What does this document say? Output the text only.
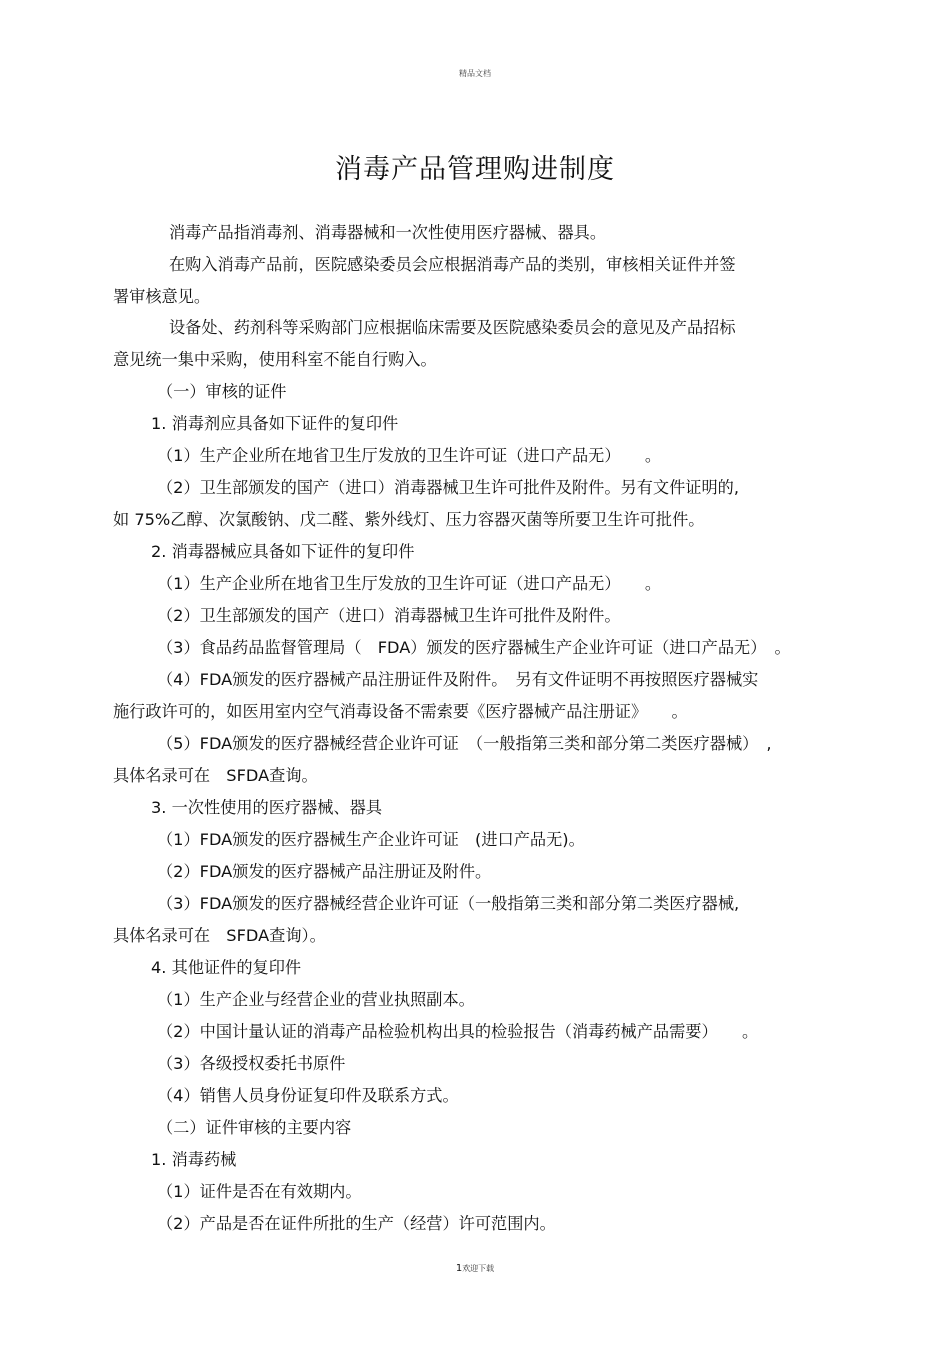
精品文档
消毒产品管理购进制度
消毒产品指消毒剂、消毒器械和一次性使用医疗器械、器具。
在购入消毒产品前，医院感染委员会应根据消毒产品的类别，审核相关证件并签
署审核意见。
设备处、药剂科等采购部门应根据临床需要及医院感染委员会的意见及产品招标
意见统一集中采购，使用科室不能自行购入。
（一）审核的证件
1. 消毒剂应具备如下证件的复印件
（1）生产企业所在地省卫生厅发放的卫生许可证（进口产品无）　　。
（2）卫生部颁发的国产（进口）消毒器械卫生许可批件及附件。另有文件证明的,
如 75%乙醇、次氯酸钠、戊二醛、紫外线灯、压力容器灭菌等所要卫生许可批件。
2. 消毒器械应具备如下证件的复印件
（1）生产企业所在地省卫生厅发放的卫生许可证（进口产品无）　　。
（2）卫生部颁发的国产（进口）消毒器械卫生许可批件及附件。
（3）食品药品监督管理局（　FDA）颁发的医疗器械生产企业许可证（进口产品无）　。
（4）FDA颁发的医疗器械产品注册证件及附件。　另有文件证明不再按照医疗器械实
施行政许可的，如医用室内空气消毒设备不需索要《医疗器械产品注册证》　　。
（5）FDA颁发的医疗器械经营企业许可证　（一般指第三类和部分第二类医疗器械）　,
具体名录可在　SFDA查询。
3. 一次性使用的医疗器械、器具
（1）FDA颁发的医疗器械生产企业许可证　(进口产品无)。
（2）FDA颁发的医疗器械产品注册证及附件。
（3）FDA颁发的医疗器械经营企业许可证（一般指第三类和部分第二类医疗器械,
具体名录可在　SFDA查询）。
4. 其他证件的复印件
（1）生产企业与经营企业的营业执照副本。
（2）中国计量认证的消毒产品检验机构出具的检验报告（消毒药械产品需要）　　。
（3）各级授权委托书原件
（4）销售人员身份证复印件及联系方式。
（二）证件审核的主要内容
1. 消毒药械
（1）证件是否在有效期内。
（2）产品是否在证件所批的生产（经营）许可范围内。
1欢迎下载
